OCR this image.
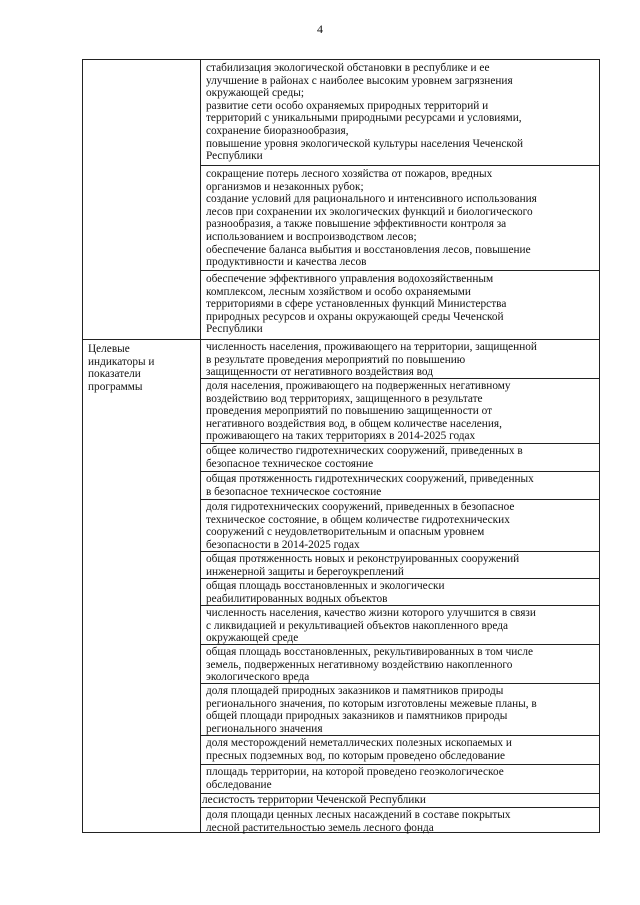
4
Целевые
индикаторы и
показатели
программы
стабилизация экологической обстановки в республике и ее
улучшение в районах с наиболее высоким уровнем загрязнения
окружающей среды;
развитие сети особо охраняемых природных территорий и
территорий с уникальными природными ресурсами и условиями,
сохранение биоразнообразия,
повышение уровня экологической культуры населения Чеченской
Республики
сокращение потерь лесного хозяйства от пожаров, вредных
организмов и незаконных рубок;
создание условий для рационального и интенсивного использования
лесов при сохранении их экологических функций и биологического
разнообразия, а также повышение эффективности контроля за
использованием и воспроизводством лесов;
обеспечение баланса выбытия и восстановления лесов, повышение
продуктивности и качества лесов
обеспечение эффективного управления водохозяйственным
комплексом, лесным хозяйством и особо охраняемыми
территориями в сфере установленных функций Министерства
природных ресурсов и охраны окружающей среды Чеченской
Республики
численность населения, проживающего на территории, защищенной
в результате проведения мероприятий по повышению
защищенности от негативного воздействия вод
доля населения, проживающего на подверженных негативному
воздействию вод территориях, защищенного в результате
проведения мероприятий по повышению защищенности от
негативного воздействия вод, в общем количестве населения,
проживающего на таких территориях в 2014-2025 годах
общее количество гидротехнических сооружений, приведенных в
безопасное техническое состояние
общая протяженность гидротехнических сооружений, приведенных
в безопасное техническое состояние
доля гидротехнических сооружений, приведенных в безопасное
техническое состояние, в общем количестве гидротехнических
сооружений с неудовлетворительным и опасным уровнем
безопасности в 2014-2025 годах
общая протяженность новых и реконструированных сооружений
инженерной защиты и берегоукреплений
общая площадь восстановленных и экологически
реабилитированных водных объектов
численность населения, качество жизни которого улучшится в связи
с ликвидацией и рекультивацией объектов накопленного вреда
окружающей среде
общая площадь восстановленных, рекультивированных в том числе
земель, подверженных негативному воздействию накопленного
экологического вреда
доля площадей природных заказников и памятников природы
регионального значения, по которым изготовлены межевые планы, в
общей площади природных заказников и памятников природы
регионального значения
доля месторождений неметаллических полезных ископаемых и
пресных подземных вод, по которым проведено обследование
площадь территории, на которой проведено геоэкологическое
обследование
лесистость территории Чеченской Республики
доля площади ценных лесных насаждений в составе покрытых
лесной растительностью земель лесного фонда
